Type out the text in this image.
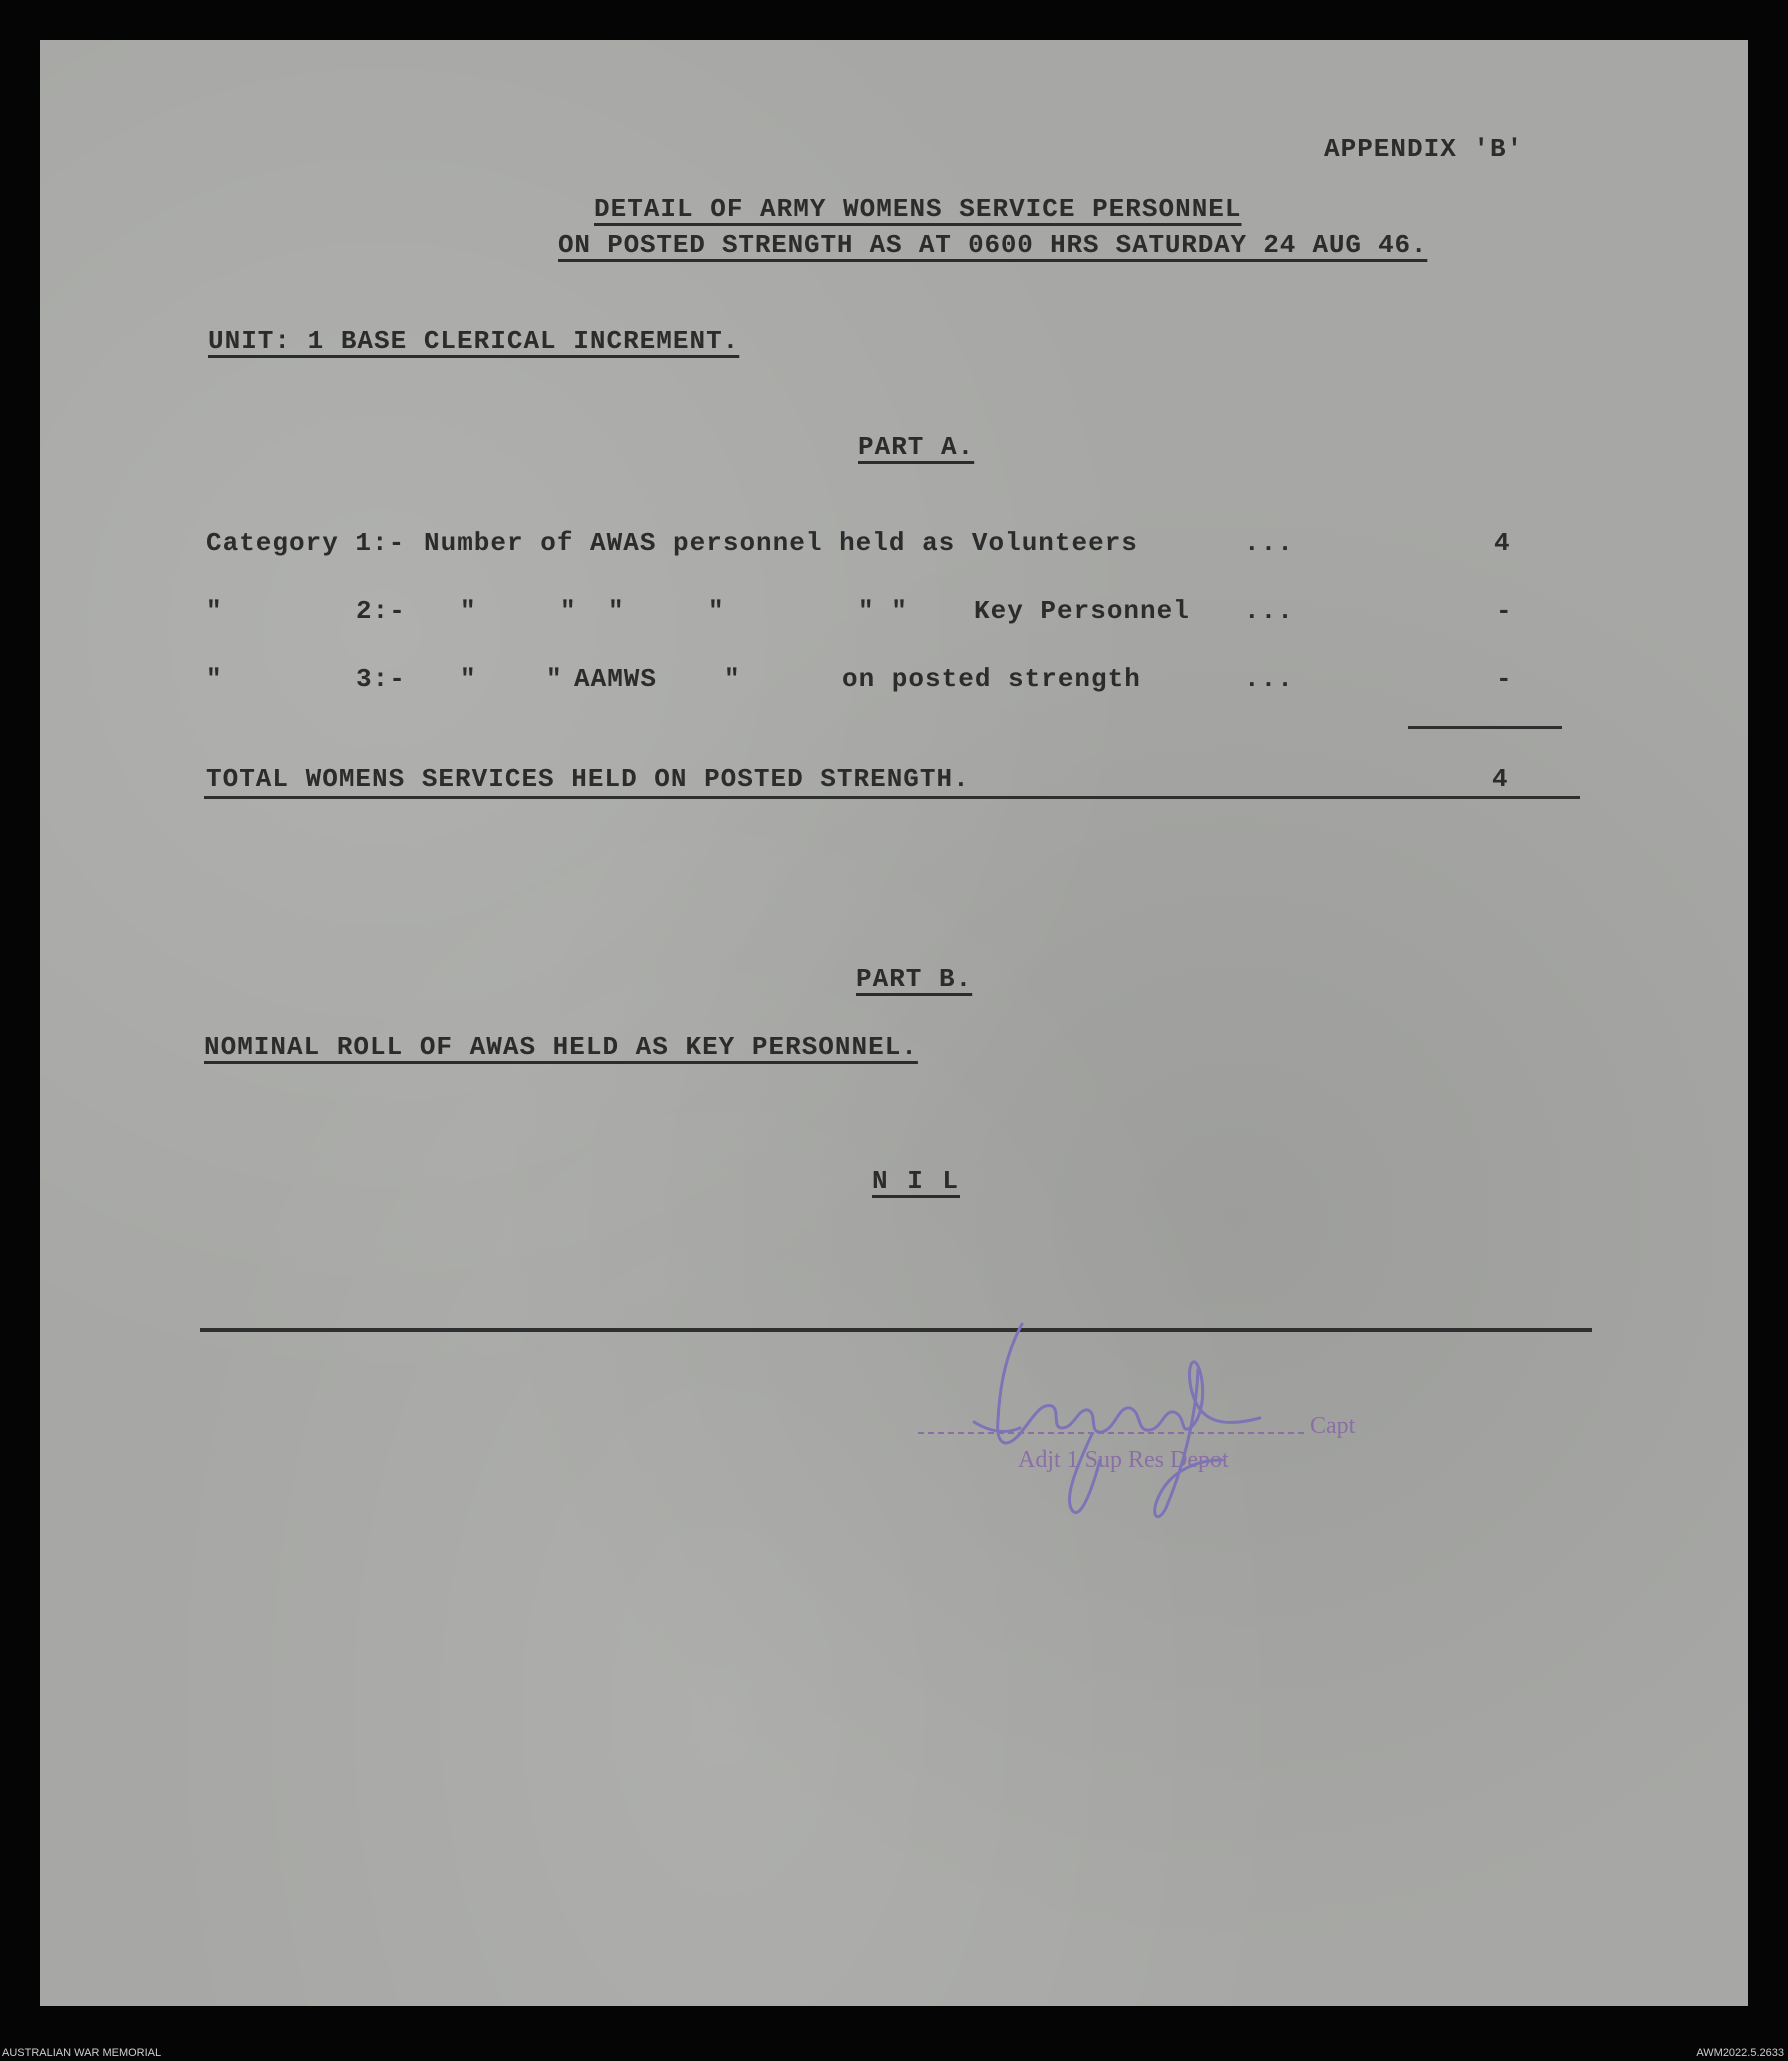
APPENDIX 'B'
DETAIL OF ARMY WOMENS SERVICE PERSONNEL
ON POSTED STRENGTH AS AT 0600 HRS SATURDAY 24 AUG 46.
UNIT: 1 BASE CLERICAL INCREMENT.
PART A.
Category 1:- Number of AWAS personnel held as Volunteers	...	4
"	2:- "	" "	"	" "	Key Personnel ...	-
"	3:- "	" AAMWS	"	on posted strength	...	-
TOTAL WOMENS SERVICES HELD ON POSTED STRENGTH.	4
PART B.
NOMINAL ROLL OF AWAS HELD AS KEY PERSONNEL.
N I L
Capt
Adjt 1 Sup Res Depot
AUSTRALIAN WAR MEMORIAL	AWM2022.5.2633
